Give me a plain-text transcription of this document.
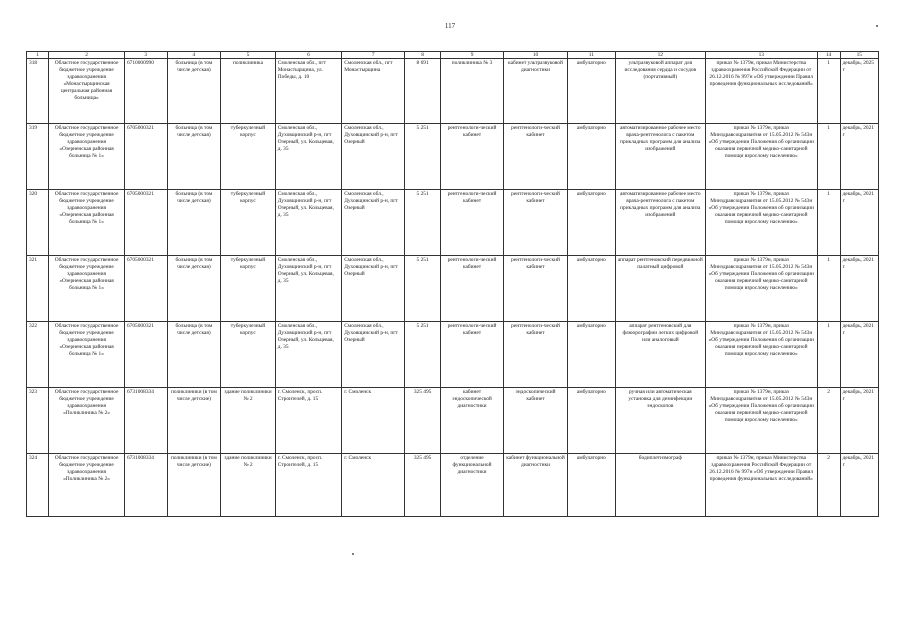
117
1	2	3	4	5	6	7	8	9	10	11	12	13	14	15
318	Областное государственное бюджетное учреждение здравоохранения «Монастырщинская центральная районная больница»	6710000990	больница (в том числе детская)	поликлиника	Смоленская обл., пгт Монастырщина, ул. Победы, д. 10	Смоленская обл., пгт Монастырщина	8 691	поликлиника № 3	кабинет ультразвуковой диагностики	амбулаторно	ультразвуковой аппарат для исследования сердца и сосудов (портативный)	приказ № 1379н, приказ Министерства здравоохранения Российской Федерации от 26.12.2016 № 997н «Об утверждении Правил проведения функциональных исследований»	1	декабрь, 2025 г
319	Областное государственное бюджетное учреждение здравоохранения «Озерненская районная больница № 1»	6705000321	больница (в том числе детская)	туберкулезный корпус	Смоленская обл., Духовщинский р-н, пгт Озерный, ул. Кольцевая, д. 35	Смоленская обл., Духовщинский р-н, пгт Озерный	5 251	рентгенологи-ческий кабинет	рентгенологи-ческий кабинет	амбулаторно	автоматизированное рабочее место врача-рентгенолога с пакетом прикладных программ для анализа изображений	приказ № 1379н, приказ Минздравсоцразвития от 15.05.2012 № 543н «Об утверждении Положения об организации оказания первичной медико-санитарной помощи взрослому населению»	1	декабрь, 2021 г
320	Областное государственное бюджетное учреждение здравоохранения «Озерненская районная больница № 1»	6705000321	больница (в том числе детская)	туберкулезный корпус	Смоленская обл., Духовщинский р-н, пгт Озерный, ул. Кольцевая, д. 35	Смоленская обл., Духовщинский р-н, пгт Озерный	5 251	рентгенологи-ческий кабинет	рентгенологи-ческий кабинет	амбулаторно	автоматизированное рабочее место врача-рентгенолога с пакетом прикладных программ для анализа изображений	приказ № 1379н, приказ Минздравсоцразвития от 15.05.2012 № 543н «Об утверждении Положения об организации оказания первичной медико-санитарной помощи взрослому населению»	1	декабрь, 2021 г
321	Областное государственное бюджетное учреждение здравоохранения «Озерненская районная больница № 1»	6705000321	больница (в том числе детская)	туберкулезный корпус	Смоленская обл., Духовщинский р-н, пгт Озерный, ул. Кольцевая, д. 35	Смоленская обл., Духовщинский р-н, пгт Озерный	5 251	рентгенологи-ческий кабинет	рентгенологи-ческий кабинет	амбулаторно	аппарат рентгеновский передвижной палатный цифровой	приказ № 1379н, приказ Минздравсоцразвития от 15.05.2012 № 543н «Об утверждении Положения об организации оказания первичной медико-санитарной помощи взрослому населению»	1	декабрь, 2021 г
322	Областное государственное бюджетное учреждение здравоохранения «Озерненская районная больница № 1»	6705000321	больница (в том числе детская)	туберкулезный корпус	Смоленская обл., Духовщинский р-н, пгт Озерный, ул. Кольцевая, д. 35	Смоленская обл., Духовщинский р-н, пгт Озерный	5 251	рентгенологи-ческий кабинет	рентгенологи-ческий кабинет	амбулаторно	аппарат рентгеновский для флюорографии легких цифровой или аналоговый	приказ № 1379н, приказ Минздравсоцразвития от 15.05.2012 № 543н «Об утверждении Положения об организации оказания первичной медико-санитарной помощи взрослому населению»	1	декабрь, 2021 г
323	Областное государственное бюджетное учреждение здравоохранения «Поликлиника № 2»	6731008334	поликлиники (в том числе детские)	здание поликлиники № 2	г. Смоленск, просп. Строителей, д. 15	г. Смоленск	325 495	кабинет эндоскопической диагностики	эндоскопический кабинет	амбулаторно	ручная или автоматическая установка для дезинфекции эндоскопов	приказ № 1379н, приказ Минздравсоцразвития от 15.05.2012 № 543н «Об утверждении Положения об организации оказания первичной медико-санитарной помощи взрослому населению»	2	декабрь, 2021 г
324	Областное государственное бюджетное учреждение здравоохранения «Поликлиника № 2»	6731008334	поликлиники (в том числе детские)	здание поликлиники № 2	г. Смоленск, просп. Строителей, д. 15	г. Смоленск	325 495	отделение функциональной диагностики	кабинет функциональной диагностики	амбулаторно	бодиплетизмограф	приказ № 1379н, приказ Министерства здравоохранения Российской Федерации от 26.12.2016 № 997н «Об утверждении Правил проведения функциональных исследований»	2	декабрь, 2021 г
